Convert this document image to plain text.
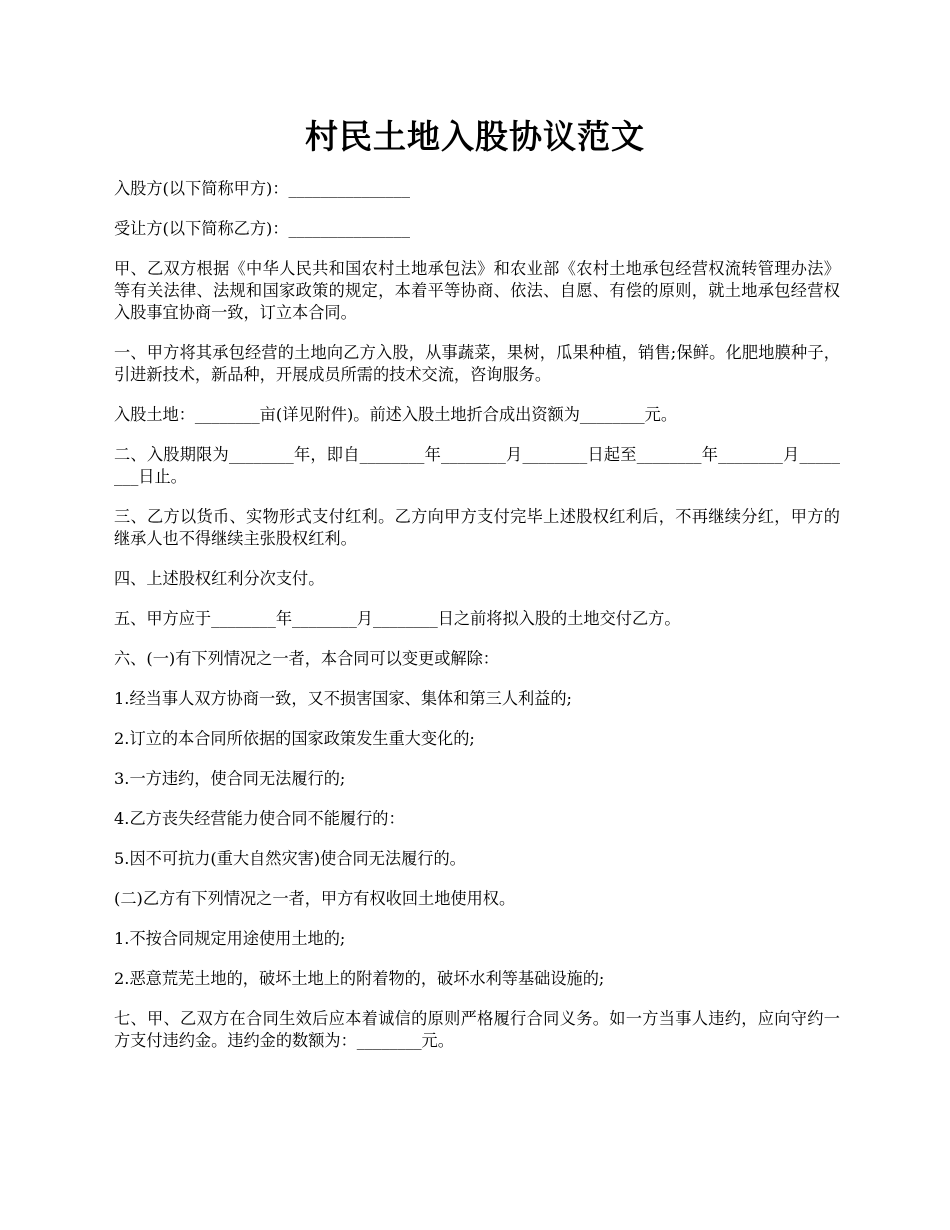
村民土地入股协议范文

入股方(以下简称甲方)：_______________

受让方(以下简称乙方)：_______________

甲、乙双方根据《中华人民共和国农村土地承包法》和农业部《农村土地承包经营权流转管理办法》等有关法律、法规和国家政策的规定，本着平等协商、依法、自愿、有偿的原则，就土地承包经营权入股事宜协商一致，订立本合同。

一、甲方将其承包经营的土地向乙方入股，从事蔬菜，果树，瓜果种植，销售;保鲜。化肥地膜种子，引进新技术，新品种，开展成员所需的技术交流，咨询服务。

入股土地：________亩(详见附件)。前述入股土地折合成出资额为________元。

二、入股期限为________年，即自________年________月________日起至________年________月________日止。

三、乙方以货币、实物形式支付红利。乙方向甲方支付完毕上述股权红利后，不再继续分红，甲方的继承人也不得继续主张股权红利。

四、上述股权红利分次支付。

五、甲方应于________年________月________日之前将拟入股的土地交付乙方。

六、(一)有下列情况之一者，本合同可以变更或解除：

1.经当事人双方协商一致，又不损害国家、集体和第三人利益的;

2.订立的本合同所依据的国家政策发生重大变化的;

3.一方违约，使合同无法履行的;

4.乙方丧失经营能力使合同不能履行的：

5.因不可抗力(重大自然灾害)使合同无法履行的。

(二)乙方有下列情况之一者，甲方有权收回土地使用权。

1.不按合同规定用途使用土地的;

2.恶意荒芜土地的，破坏土地上的附着物的，破坏水利等基础设施的;

七、甲、乙双方在合同生效后应本着诚信的原则严格履行合同义务。如一方当事人违约，应向守约一方支付违约金。违约金的数额为：________元。
